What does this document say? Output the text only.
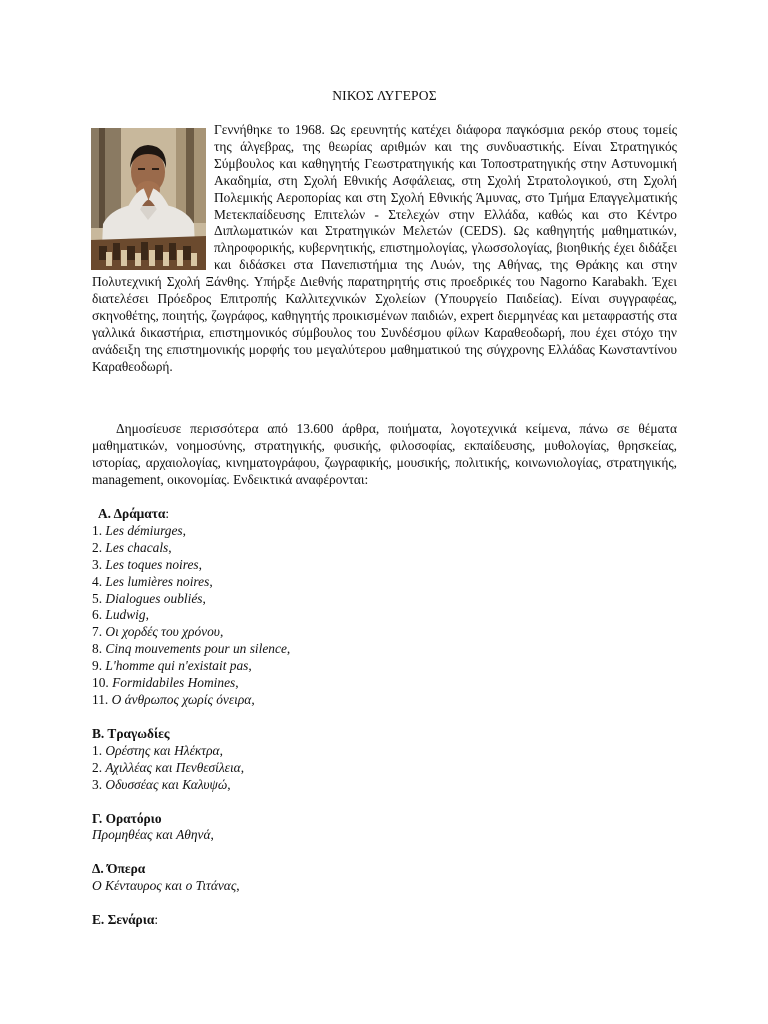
ΝΙΚΟΣ ΛΥΓΕΡΟΣ
Γεννήθηκε το 1968. Ως ερευνητής κατέχει διάφορα παγκόσμια ρεκόρ στους τομείς της άλγεβρας, της θεωρίας αριθμών και της συνδυαστικής. Είναι Στρατηγικός Σύμβουλος και καθηγητής Γεωστρατηγικής και Τοποστρατηγικής στην Αστυνομική Ακαδημία, στη Σχολή Εθνικής Ασφάλειας, στη Σχολή Στρατολογικού, στη Σχολή Πολεμικής Αεροπορίας και στη Σχολή Εθνικής Άμυνας, στο Τμήμα Επαγγελματικής Μετεκπαίδευσης Επιτελών - Στελεχών στην Ελλάδα, καθώς και στο Κέντρο Διπλωματικών και Στρατηγικών Μελετών (CEDS). Ως καθηγητής μαθηματικών, πληροφορικής, κυβερνητικής, επιστημολογίας, γλωσσολογίας, βιοηθικής έχει διδάξει και διδάσκει στα Πανεπιστήμια της Λυών, της Αθήνας, της Θράκης και στην Πολυτεχνική Σχολή Ξάνθης. Υπήρξε Διεθνής παρατηρητής στις προεδρικές του Nagorno Karabakh. Έχει διατελέσει Πρόεδρος Επιτροπής Καλλιτεχνικών Σχολείων (Υπουργείο Παιδείας). Είναι συγγραφέας, σκηνοθέτης, ποιητής, ζωγράφος, καθηγητής προικισμένων παιδιών, expert διερμηνέας και μεταφραστής στα γαλλικά δικαστήρια, επιστημονικός σύμβουλος του Συνδέσμου φίλων Καραθεοδωρή, που έχει στόχο την ανάδειξη της επιστημονικής μορφής του μεγαλύτερου μαθηματικού της σύγχρονης Ελλάδας Κωνσταντίνου Καραθεοδωρή.
Δημοσίευσε περισσότερα από 13.600 άρθρα, ποιήματα, λογοτεχνικά κείμενα, πάνω σε θέματα μαθηματικών, νοημοσύνης, στρατηγικής, φυσικής, φιλοσοφίας, εκπαίδευσης, μυθολογίας, θρησκείας, ιστορίας, αρχαιολογίας, κινηματογράφου, ζωγραφικής, μουσικής, πολιτικής, κοινωνιολογίας, στρατηγικής, management, οικονομίας. Ενδεικτικά αναφέρονται:
Α. Δράματα:
1. Les démiurges,
2. Les chacals,
3. Les toques noires,
4. Les lumières noires,
5. Dialogues oubliés,
6. Ludwig,
7. Οι χορδές του χρόνου,
8. Cinq mouvements pour un silence,
9. L'homme qui n'existait pas,
10. Formidabiles Homines,
11. Ο άνθρωπος χωρίς όνειρα,
Β. Τραγωδίες
1. Ορέστης και Ηλέκτρα,
2. Αχιλλέας και Πενθεσίλεια,
3. Οδυσσέας και Καλυψώ,
Γ. Ορατόριο
Προμηθέας και Αθηνά,
Δ. Όπερα
Ο Κένταυρος και ο Τιτάνας,
Ε. Σενάρια:
